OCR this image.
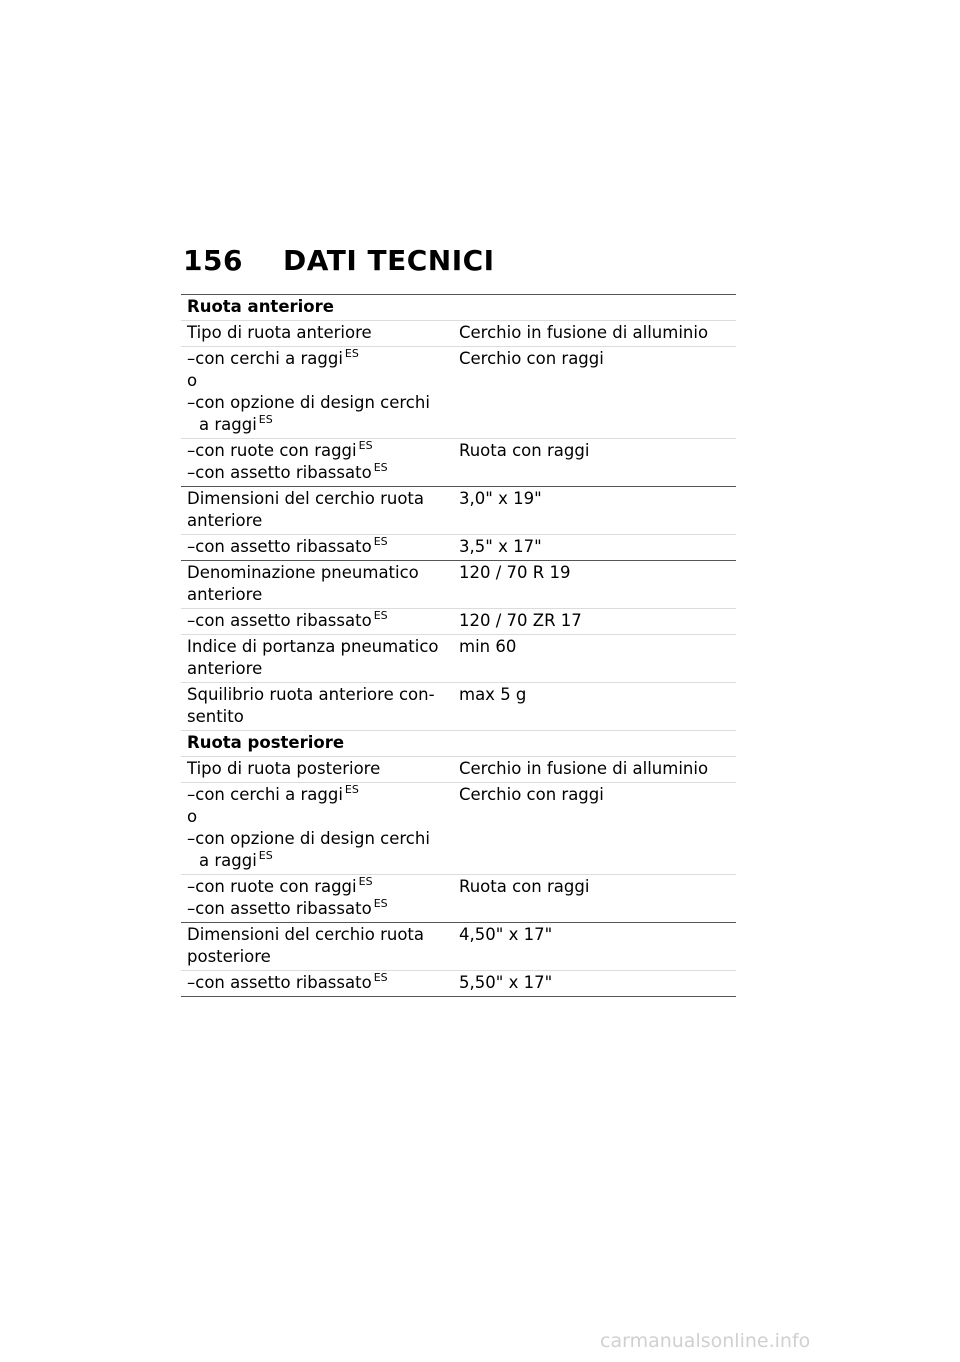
156	DATI TECNICI
Ruota anteriore	
Tipo di ruota anteriore	Cerchio in fusione di alluminio

–con cerchi a raggi $^{ES}$
o
–con opzione di design cerchi
a raggi $^{ES}$	Cerchio con raggi

–con ruote con raggi $^{ES}$
–con assetto ribassato $^{ES}$	Ruota con raggi
Dimensioni del cerchio ruota anteriore	3,0" x 19"
–con assetto ribassato $^{ES}$	3,5" x 17"
Denominazione pneumatico anteriore	120 / 70 R 19
–con assetto ribassato $^{ES}$	120 / 70 ZR 17
Indice di portanza pneumatico anteriore	min 60
Squilibrio ruota anteriore con-sentito	max 5 g
Ruota posteriore	
Tipo di ruota posteriore	Cerchio in fusione di alluminio

–con cerchi a raggi $^{ES}$
o
–con opzione di design cerchi
a raggi $^{ES}$	Cerchio con raggi

–con ruote con raggi $^{ES}$
–con assetto ribassato $^{ES}$	Ruota con raggi
Dimensioni del cerchio ruota posteriore	4,50" x 17"
–con assetto ribassato $^{ES}$	5,50" x 17"
carmanualsonline.info
